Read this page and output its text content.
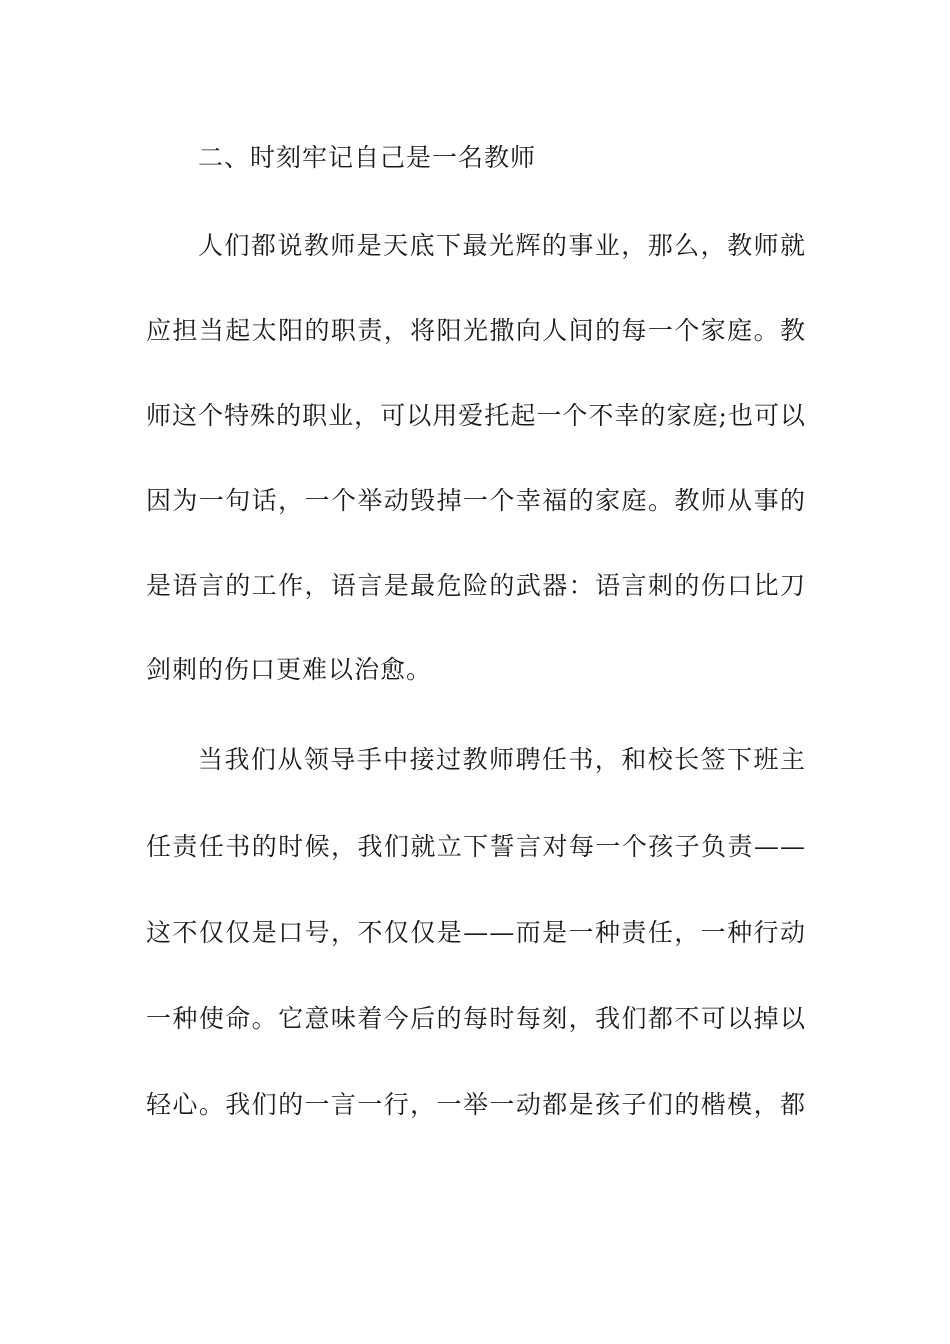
二、时刻牢记自己是一名教师
人们都说教师是天底下最光辉的事业，那么，教师就
应担当起太阳的职责，将阳光撒向人间的每一个家庭。教
师这个特殊的职业，可以用爱托起一个不幸的家庭;也可以
因为一句话，一个举动毁掉一个幸福的家庭。教师从事的
是语言的工作，语言是最危险的武器：语言刺的伤口比刀
剑刺的伤口更难以治愈。
当我们从领导手中接过教师聘任书，和校长签下班主
任责任书的时候，我们就立下誓言对每一个孩子负责——
这不仅仅是口号，不仅仅是——而是一种责任，一种行动
一种使命。它意味着今后的每时每刻，我们都不可以掉以
轻心。我们的一言一行，一举一动都是孩子们的楷模，都
